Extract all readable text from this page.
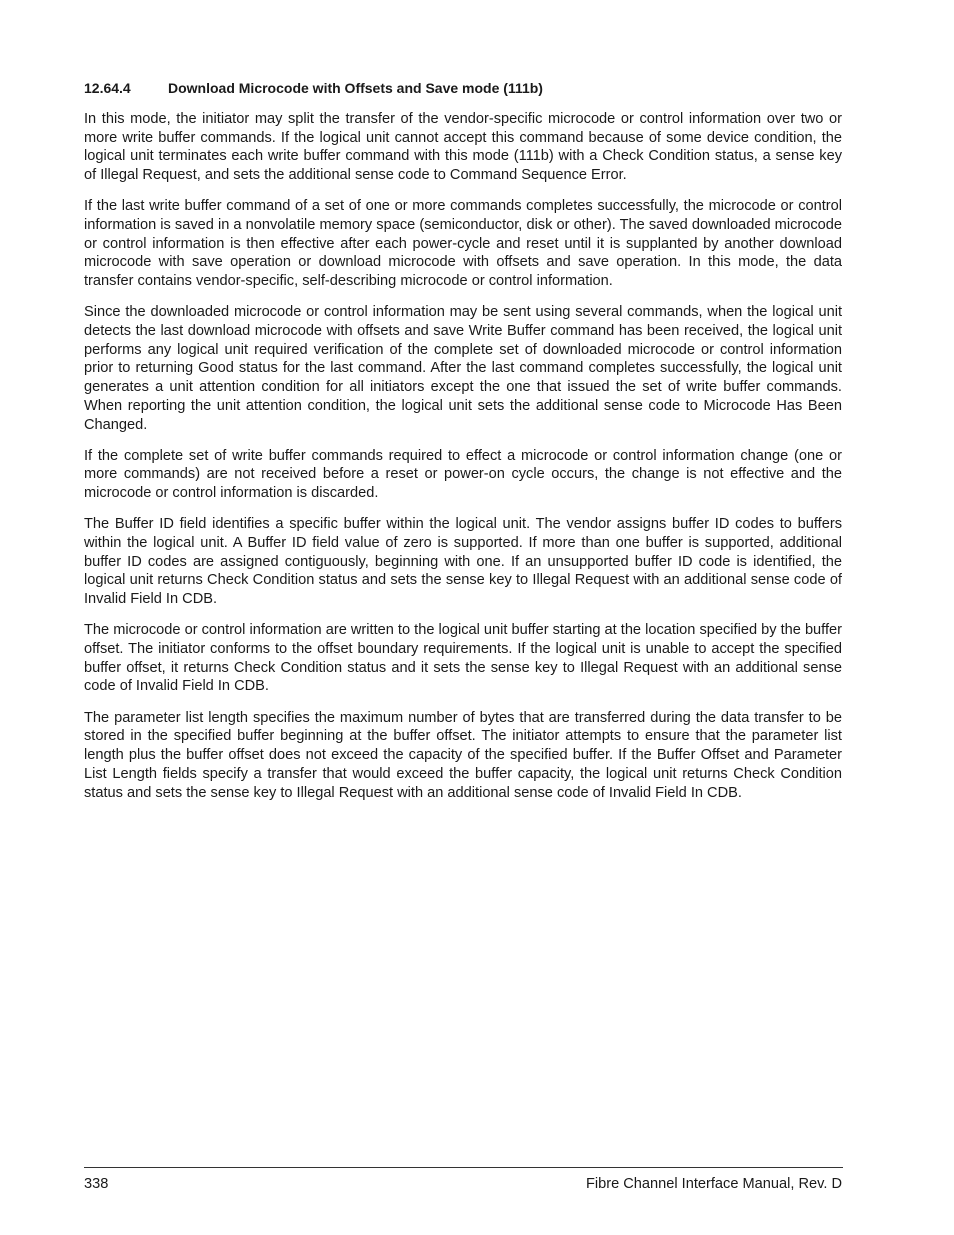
12.64.4	Download Microcode with Offsets and Save mode (111b)

In this mode, the initiator may split the transfer of the vendor-specific microcode or control information over two or more write buffer commands. If the logical unit cannot accept this command because of some device condition, the logical unit terminates each write buffer command with this mode (111b) with a Check Condition status, a sense key of Illegal Request, and sets the additional sense code to Command Sequence Error.

If the last write buffer command of a set of one or more commands completes successfully, the microcode or control information is saved in a nonvolatile memory space (semiconductor, disk or other). The saved downloaded microcode or control information is then effective after each power-cycle and reset until it is supplanted by another download microcode with save operation or download microcode with offsets and save operation. In this mode, the data transfer contains vendor-specific, self-describing microcode or control information.

Since the downloaded microcode or control information may be sent using several commands, when the logical unit detects the last download microcode with offsets and save Write Buffer command has been received, the logical unit performs any logical unit required verification of the complete set of downloaded microcode or control information prior to returning Good status for the last command. After the last command completes successfully, the logical unit generates a unit attention condition for all initiators except the one that issued the set of write buffer commands. When reporting the unit attention condition, the logical unit sets the additional sense code to Microcode Has Been Changed.

If the complete set of write buffer commands required to effect a microcode or control information change (one or more commands) are not received before a reset or power-on cycle occurs, the change is not effective and the microcode or control information is discarded.

The Buffer ID field identifies a specific buffer within the logical unit. The vendor assigns buffer ID codes to buffers within the logical unit. A Buffer ID field value of zero is supported. If more than one buffer is supported, additional buffer ID codes are assigned contiguously, beginning with one. If an unsupported buffer ID code is identified, the logical unit returns Check Condition status and sets the sense key to Illegal Request with an additional sense code of Invalid Field In CDB.

The microcode or control information are written to the logical unit buffer starting at the location specified by the buffer offset. The initiator conforms to the offset boundary requirements. If the logical unit is unable to accept the specified buffer offset, it returns Check Condition status and it sets the sense key to Illegal Request with an additional sense code of Invalid Field In CDB.

The parameter list length specifies the maximum number of bytes that are transferred during the data transfer to be stored in the specified buffer beginning at the buffer offset. The initiator attempts to ensure that the parameter list length plus the buffer offset does not exceed the capacity of the specified buffer. If the Buffer Offset and Parameter List Length fields specify a transfer that would exceed the buffer capacity, the logical unit returns Check Condition status and sets the sense key to Illegal Request with an additional sense code of Invalid Field In CDB.

338	Fibre Channel Interface Manual, Rev. D
